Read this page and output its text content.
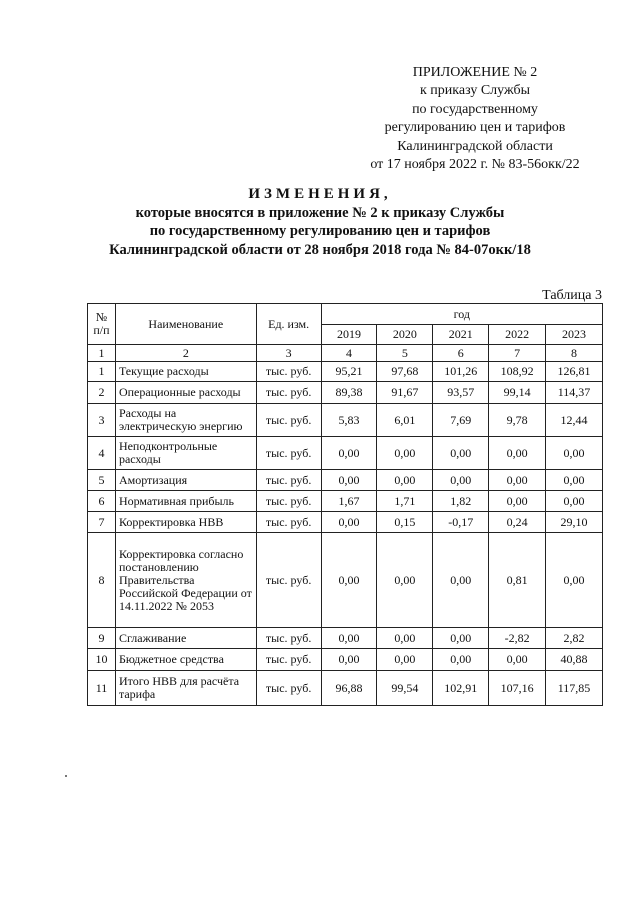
ПРИЛОЖЕНИЕ № 2
к приказу Службы
по государственному
регулированию цен и тарифов
Калининградской области
от 17 ноября 2022 г. № 83-56окк/22
ИЗМЕНЕНИЯ,
которые вносятся в приложение № 2 к приказу Службы
по государственному регулированию цен и тарифов
Калининградской области от 28 ноября 2018 года № 84-07окк/18
Таблица 3
№ п/п	Наименование	Ед. изм.	год				
			2019	2020	2021	2022	2023
1	2	3	4	5	6	7	8
1	Текущие расходы	тыс. руб.	95,21	97,68	101,26	108,92	126,81
2	Операционные расходы	тыс. руб.	89,38	91,67	93,57	99,14	114,37
3	Расходы на электрическую энергию	тыс. руб.	5,83	6,01	7,69	9,78	12,44
4	Неподконтрольные расходы	тыс. руб.	0,00	0,00	0,00	0,00	0,00
5	Амортизация	тыс. руб.	0,00	0,00	0,00	0,00	0,00
6	Нормативная прибыль	тыс. руб.	1,67	1,71	1,82	0,00	0,00
7	Корректировка НВВ	тыс. руб.	0,00	0,15	-0,17	0,24	29,10
8	Корректировка согласно постановлению Правительства Российской Федерации от 14.11.2022 № 2053	тыс. руб.	0,00	0,00	0,00	0,81	0,00
9	Сглаживание	тыс. руб.	0,00	0,00	0,00	-2,82	2,82
10	Бюджетное средства	тыс. руб.	0,00	0,00	0,00	0,00	40,88
11	Итого НВВ для расчёта тарифа	тыс. руб.	96,88	99,54	102,91	107,16	117,85
